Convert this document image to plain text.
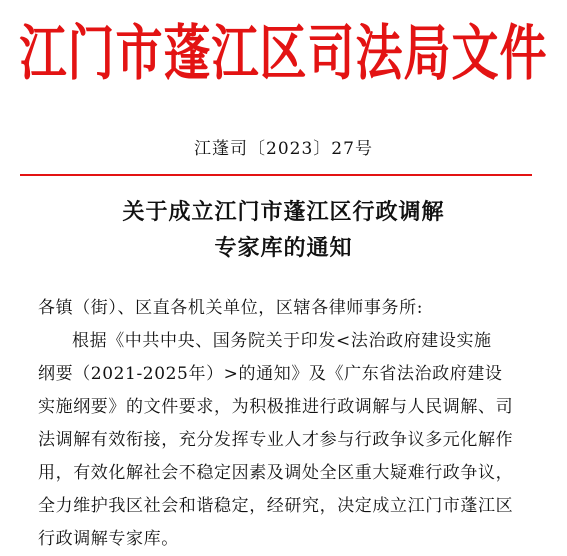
江门市蓬江区司法局文件
江蓬司〔2023〕27号
关于成立江门市蓬江区行政调解
专家库的通知

各镇（街）、区直各机关单位，区辖各律师事务所:

根据《中共中央、国务院关于印发<法治政府建设实施
纲要（2021-2025年）>的通知》及《广东省法治政府建设
实施纲要》的文件要求，为积极推进行政调解与人民调解、司
法调解有效衔接，充分发挥专业人才参与行政争议多元化解作
用，有效化解社会不稳定因素及调处全区重大疑难行政争议，
全力维护我区社会和谐稳定，经研究，决定成立江门市蓬江区
行政调解专家库。
